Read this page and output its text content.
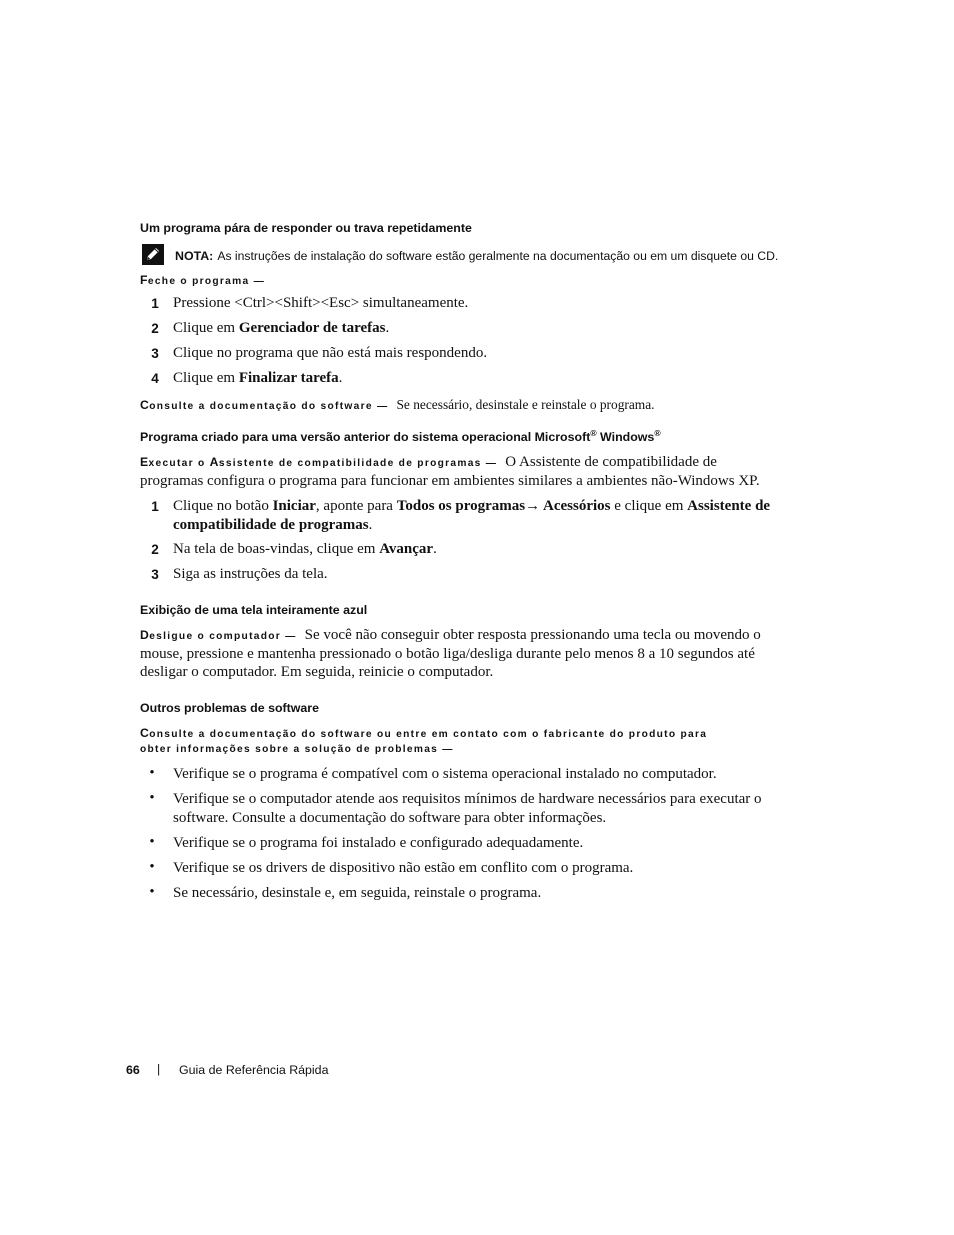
Um programa pára de responder ou trava repetidamente
NOTA: As instruções de instalação do software estão geralmente na documentação ou em um disquete ou CD.
Feche o programa —
1 Pressione <Ctrl><Shift><Esc> simultaneamente.
2 Clique em Gerenciador de tarefas.
3 Clique no programa que não está mais respondendo.
4 Clique em Finalizar tarefa.
Consulte a documentação do software — Se necessário, desinstale e reinstale o programa.
Programa criado para uma versão anterior do sistema operacional Microsoft® Windows®
Executar o Assistente de compatibilidade de programas — O Assistente de compatibilidade de
programas configura o programa para funcionar em ambientes similares a ambientes não-Windows XP.
1 Clique no botão Iniciar, aponte para Todos os programas→ Acessórios e clique em Assistente de
compatibilidade de programas.
2 Na tela de boas-vindas, clique em Avançar.
3 Siga as instruções da tela.
Exibição de uma tela inteiramente azul
Desligue o computador — Se você não conseguir obter resposta pressionando uma tecla ou movendo o
mouse, pressione e mantenha pressionado o botão liga/desliga durante pelo menos 8 a 10 segundos até
desligar o computador. Em seguida, reinicie o computador.
Outros problemas de software
Consulte a documentação do software ou entre em contato com o fabricante do produto para
obter informações sobre a solução de problemas —
• Verifique se o programa é compatível com o sistema operacional instalado no computador.
• Verifique se o computador atende aos requisitos mínimos de hardware necessários para executar o
software. Consulte a documentação do software para obter informações.
• Verifique se o programa foi instalado e configurado adequadamente.
• Verifique se os drivers de dispositivo não estão em conflito com o programa.
• Se necessário, desinstale e, em seguida, reinstale o programa.
66 | Guia de Referência Rápida
